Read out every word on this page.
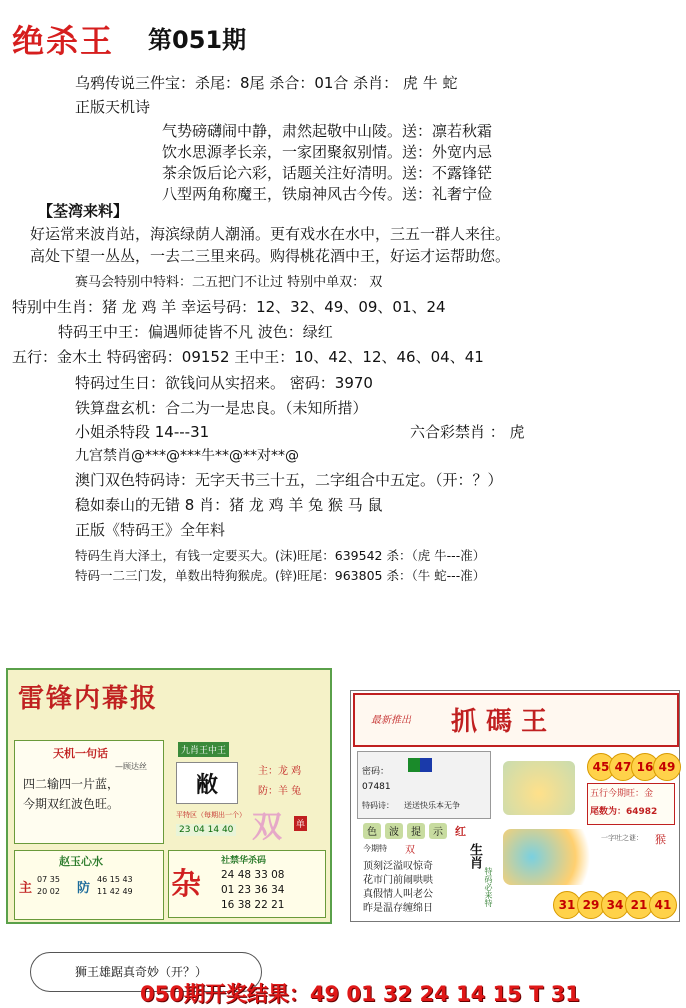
绝杀王 第051期
乌鸦传说三件宝：杀尾：8尾 杀合：01合 杀肖： 虎 牛 蛇
正版天机诗
气势磅礴闹中静，肃然起敬中山陵。送：凛若秋霜
饮水思源孝长亲，一家团聚叙别情。送：外宽内忌
茶余饭后论六彩，话题关注好清明。送：不露锋铓
八型两角称魔王，铁扇神风古今传。送：礼奢宁俭
【荃湾来料】
好运常来波肖站，海滨绿荫人潮涌。更有戏水在水中，三五一群人来往。
高处下望一丛丛，一去二三里来码。购得桃花酒中王，好运才运帮助您。
赛马会特别中特料：二五把门不让过 特别中单双： 双
特别中生肖：猪 龙 鸡 羊 幸运号码：12、32、49、09、01、24
特码王中王：偏遇师徒皆不凡 波色：绿红
五行：金木土 特码密码：09152 王中王：10、42、12、46、04、41
特码过生日：欲钱问从实招来。 密码：3970
铁算盘玄机：合二为一是忠良。（未知所措）
小姐杀特段 14---31	六合彩禁肖 ： 虎
九宫禁肖@***@***牛**@**对**@
澳门双色特码诗：无字天书三十五，二字组合中五定。（开：？）
稳如泰山的无错 8 肖：猪 龙 鸡 羊 兔 猴 马 鼠
正版《特码王》全年料
特码生肖大泽土，有钱一定要买大。(沫)旺尾：639542 杀：（虎 牛---准）
特码一二三门发，单数出特狗猴虎。(锌)旺尾：963805 杀：（牛 蛇---准）
雷锋内幕报
天机一句话
—顾达丝
四二输四一片蓝，
今期双红波色旺。
九肖王中王
敝
主：龙 鸡
防：羊 兔
平特区（每期出一个）
23 04 14 40 双 单
赵玉心水
主
07 35
20 02 防
46 15 43
11 42 49 杂
社禁华杀码
24 48 33 08
01 23 36 34
16 38 22 21
最新推出 抓 碼 王
密码：
07481
特码诗： 送送快乐本无争
45 47 16 49
五行今期旺：金
尾数为：64982
色	波	提	示	红
今期特 双
顶刻泛溢叹惊奇
花市门前闹哄哄
真假情人叫老公
昨是温存缠绵日
生肖
特码必来特
一字吐之谜： 猴
31 29 34 21 41
狮王雄踞真奇妙（开？）
050期开奖结果：49 01 32 24 14 15 T 31
